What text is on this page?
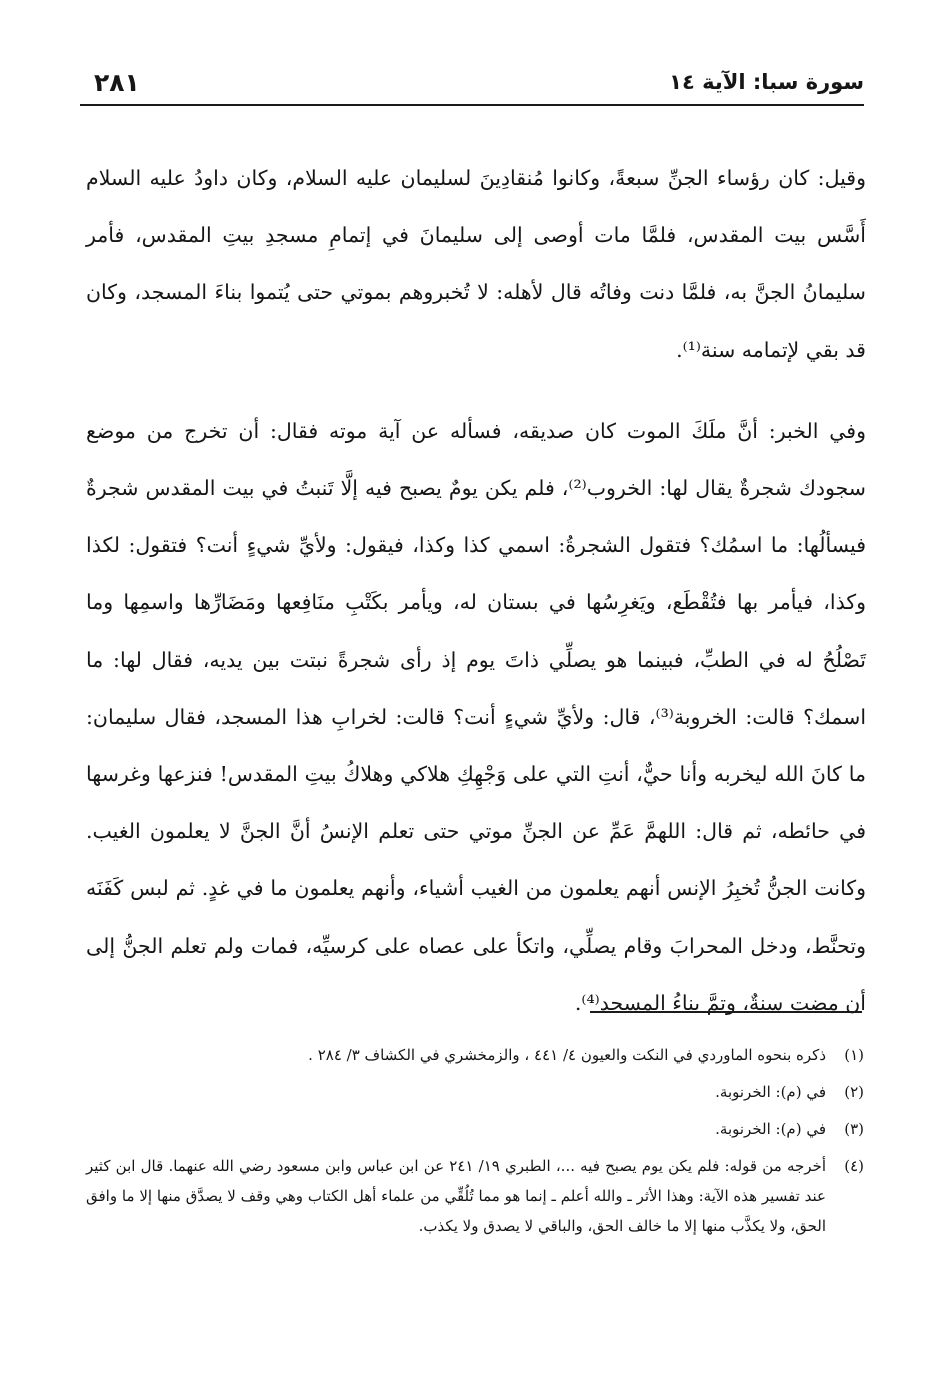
سورة سبا: الآية ١٤
٢٨١

وقيل: كان رؤساء الجنِّ سبعةً، وكانوا مُنقادِينَ لسليمان عليه السلام، وكان داودُ عليه السلام أَسَّس بيت المقدس، فلمَّا مات أوصى إلى سليمانَ في إتمامِ مسجدِ بيتِ المقدس، فأمر سليمانُ الجنَّ به، فلمَّا دنت وفاتُه قال لأهله: لا تُخبروهم بموتي حتى يُتموا بناءَ المسجد، وكان قد بقي لإتمامه سنة⁽¹⁾.

وفي الخبر: أنَّ ملَكَ الموت كان صديقه، فسأله عن آية موته فقال: أن تخرج من موضع سجودك شجرةٌ يقال لها: الخروب⁽²⁾، فلم يكن يومٌ يصبح فيه إلَّا تَنبتُ في بيت المقدس شجرةٌ فيسألُها: ما اسمُك؟ فتقول الشجرةُ: اسمي كذا وكذا، فيقول: ولأيِّ شيءٍ أنت؟ فتقول: لكذا وكذا، فيأمر بها فتُقْطَع، ويَغرِسُها في بستان له، ويأمر بكَتْبِ منَافِعها ومَضَارِّها واسمِها وما تَصْلُحُ له في الطبِّ، فبينما هو يصلِّي ذاتَ يوم إذ رأى شجرةً نبتت بين يديه، فقال لها: ما اسمك؟ قالت: الخروبة⁽³⁾، قال: ولأيِّ شيءٍ أنت؟ قالت: لخرابِ هذا المسجد، فقال سليمان: ما كانَ الله ليخربه وأنا حيٌّ، أنتِ التي على وَجْهِكِ هلاكي وهلاكُ بيتِ المقدس! فنزعها وغرسها في حائطه، ثم قال: اللهمَّ عَمِّ عن الجنِّ موتي حتى تعلم الإنسُ أنَّ الجنَّ لا يعلمون الغيب. وكانت الجنُّ تُخبِرُ الإنس أنهم يعلمون من الغيب أشياء، وأنهم يعلمون ما في غدٍ. ثم لبس كَفَنَه وتحنَّط، ودخل المحرابَ وقام يصلِّي، واتكأ على عصاه على كرسيِّه، فمات ولم تعلم الجنُّ إلى أن مضت سنةٌ، وتمَّ بناءُ المسجد⁽⁴⁾.

(١)
ذكره بنحوه الماوردي في النكت والعيون ٤/ ٤٤١ ، والزمخشري في الكشاف ٣/ ٢٨٤ .
(٢)
في (م): الخرنوبة.
(٣)
في (م): الخرنوبة.
(٤)
أخرجه من قوله: فلم يكن يوم يصبح فيه ...، الطبري ١٩/ ٢٤١ عن ابن عباس وابن مسعود رضي الله عنهما. قال ابن كثير عند تفسير هذه الآية: وهذا الأثر ـ والله أعلم ـ إنما هو مما تُلُقِّي من علماء أهل الكتاب وهي وقف لا يصدَّق منها إلا ما وافق الحق، ولا يكذَّب منها إلا ما خالف الحق، والباقي لا يصدق ولا يكذب.
